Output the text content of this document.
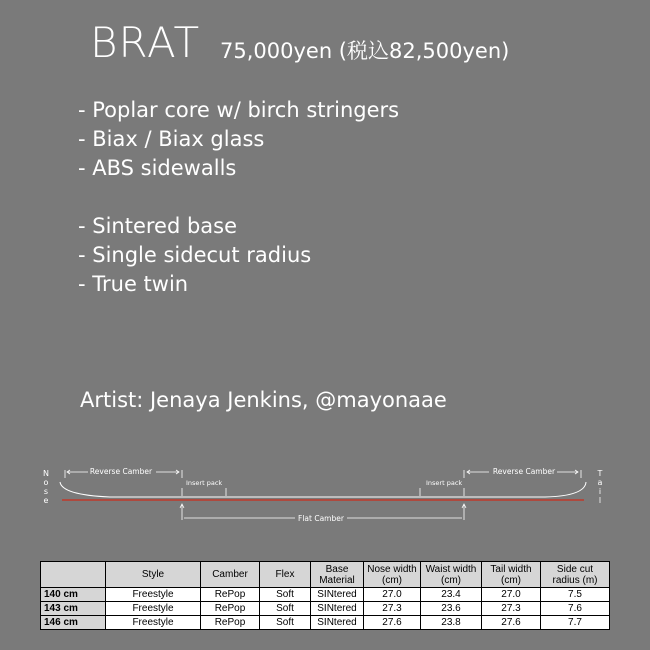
BRAT 75,000yen (税込82,500yen)
- Poplar core w/ birch stringers
- Biax / Biax glass
- ABS sidewalls
- Sintered base
- Single sidecut radius
- True twin
Artist: Jenaya Jenkins, @mayonaae
N o s e
T a i l
Reverse Camber	Reverse Camber
Insert pack	Insert pack
Flat Camber
	Style	Camber	Flex	Base Material	Nose width (cm)	Waist width (cm)	Tail width (cm)	Side cut radius (m)
140 cm	Freestyle	RePop	Soft	SINtered	27.0	23.4	27.0	7.5
143 cm	Freestyle	RePop	Soft	SINtered	27.3	23.6	27.3	7.6
146 cm	Freestyle	RePop	Soft	SINtered	27.6	23.8	27.6	7.7
